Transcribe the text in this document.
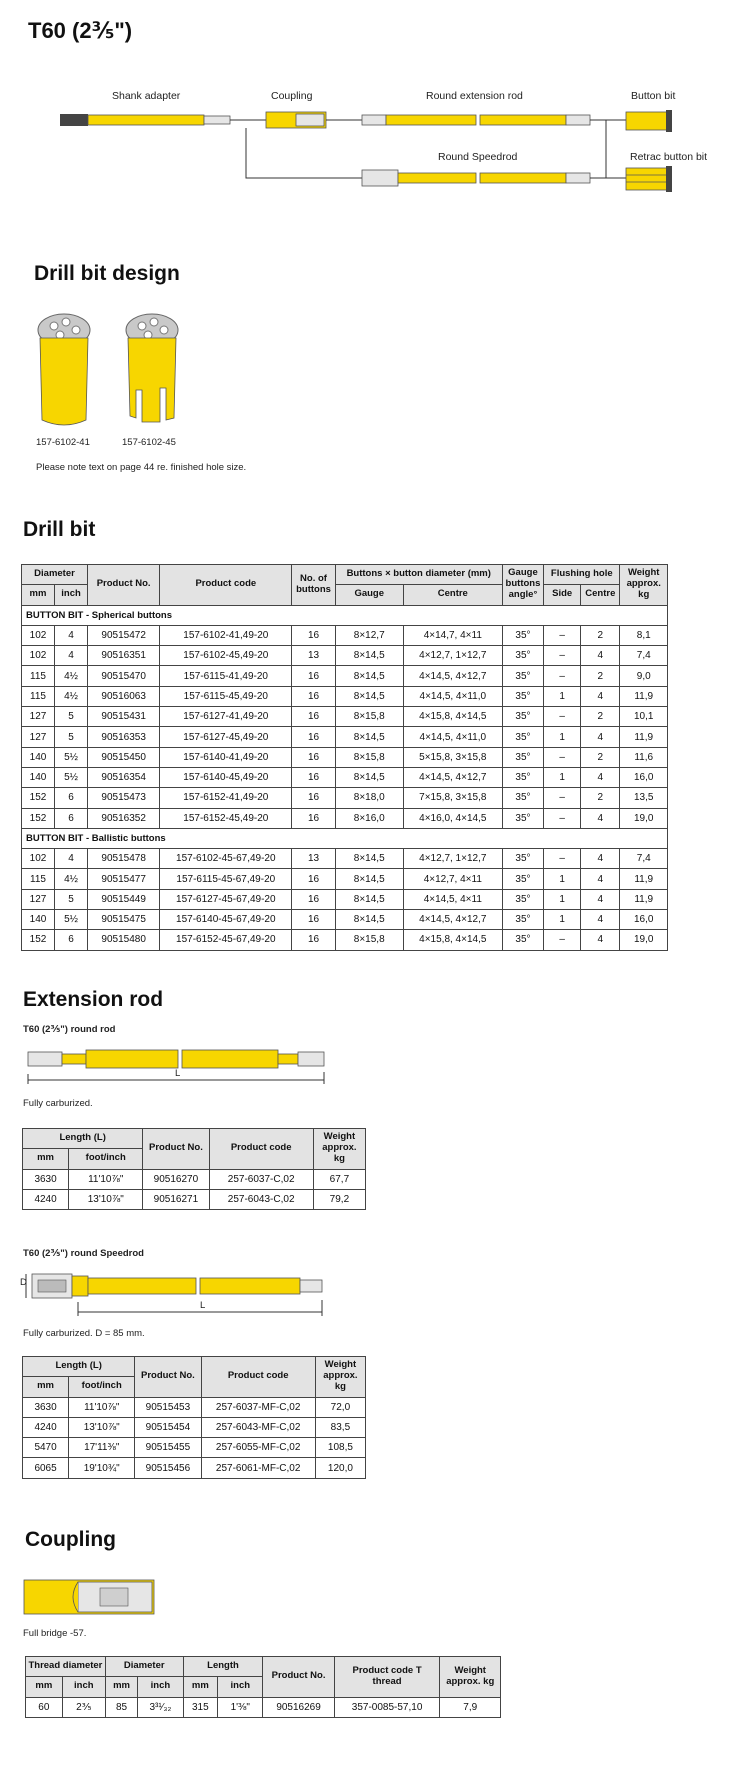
T60 (2⅗")
Shank adapter	Coupling	Round extension rod	Button bit
Round Speedrod	Retrac button bit
Drill bit design
157-6102-41	157-6102-45
Please note text on page 44 re. finished hole size.
Drill bit
Diameter		Product No.	Product code	No. of buttons	Buttons × button diameter (mm)		Gauge buttons angle°	Flushing hole		Weight approx. kg
mm	inch				Gauge	Centre		Side	Centre	
BUTTON BIT - Spherical buttons										
102	4	90515472	157-6102-41,49-20	16	8×12,7	4×14,7, 4×11	35°	–	2	8,1
102	4	90516351	157-6102-45,49-20	13	8×14,5	4×12,7, 1×12,7	35°	–	4	7,4
115	4½	90515470	157-6115-41,49-20	16	8×14,5	4×14,5, 4×12,7	35°	–	2	9,0
115	4½	90516063	157-6115-45,49-20	16	8×14,5	4×14,5, 4×11,0	35°	1	4	11,9
127	5	90515431	157-6127-41,49-20	16	8×15,8	4×15,8, 4×14,5	35°	–	2	10,1
127	5	90516353	157-6127-45,49-20	16	8×14,5	4×14,5, 4×11,0	35°	1	4	11,9
140	5½	90515450	157-6140-41,49-20	16	8×15,8	5×15,8, 3×15,8	35°	–	2	11,6
140	5½	90516354	157-6140-45,49-20	16	8×14,5	4×14,5, 4×12,7	35°	1	4	16,0
152	6	90515473	157-6152-41,49-20	16	8×18,0	7×15,8, 3×15,8	35°	–	2	13,5
152	6	90516352	157-6152-45,49-20	16	8×16,0	4×16,0, 4×14,5	35°	–	4	19,0
BUTTON BIT - Ballistic buttons										
102	4	90515478	157-6102-45-67,49-20	13	8×14,5	4×12,7, 1×12,7	35°	–	4	7,4
115	4½	90515477	157-6115-45-67,49-20	16	8×14,5	4×12,7, 4×11	35°	1	4	11,9
127	5	90515449	157-6127-45-67,49-20	16	8×14,5	4×14,5, 4×11	35°	1	4	11,9
140	5½	90515475	157-6140-45-67,49-20	16	8×14,5	4×14,5, 4×12,7	35°	1	4	16,0
152	6	90515480	157-6152-45-67,49-20	16	8×15,8	4×15,8, 4×14,5	35°	–	4	19,0
Extension rod
T60 (2⅗") round rod
L
Fully carburized.
Length (L)		Product No.	Product code	Weight approx. kg
mm	foot/inch			
3630	11'10⅞"	90516270	257-6037-C,02	67,7
4240	13'10⅞"	90516271	257-6043-C,02	79,2
T60 (2⅗") round Speedrod
D
L
Fully carburized. D = 85 mm.
Length (L)		Product No.	Product code	Weight approx. kg
mm	foot/inch			
3630	11'10⅞"	90515453	257-6037-MF-C,02	72,0
4240	13'10⅞"	90515454	257-6043-MF-C,02	83,5
5470	17'11⅜"	90515455	257-6055-MF-C,02	108,5
6065	19'10¾"	90515456	257-6061-MF-C,02	120,0
Coupling
Full bridge -57.
Thread diameter		Diameter		Length		Product No.	Product code T thread	Weight approx. kg
mm	inch	mm	inch	mm	inch			
60	2⅗	85	3³¹⁄₃₂	315	1'⅜"	90516269	357-0085-57,10	7,9
